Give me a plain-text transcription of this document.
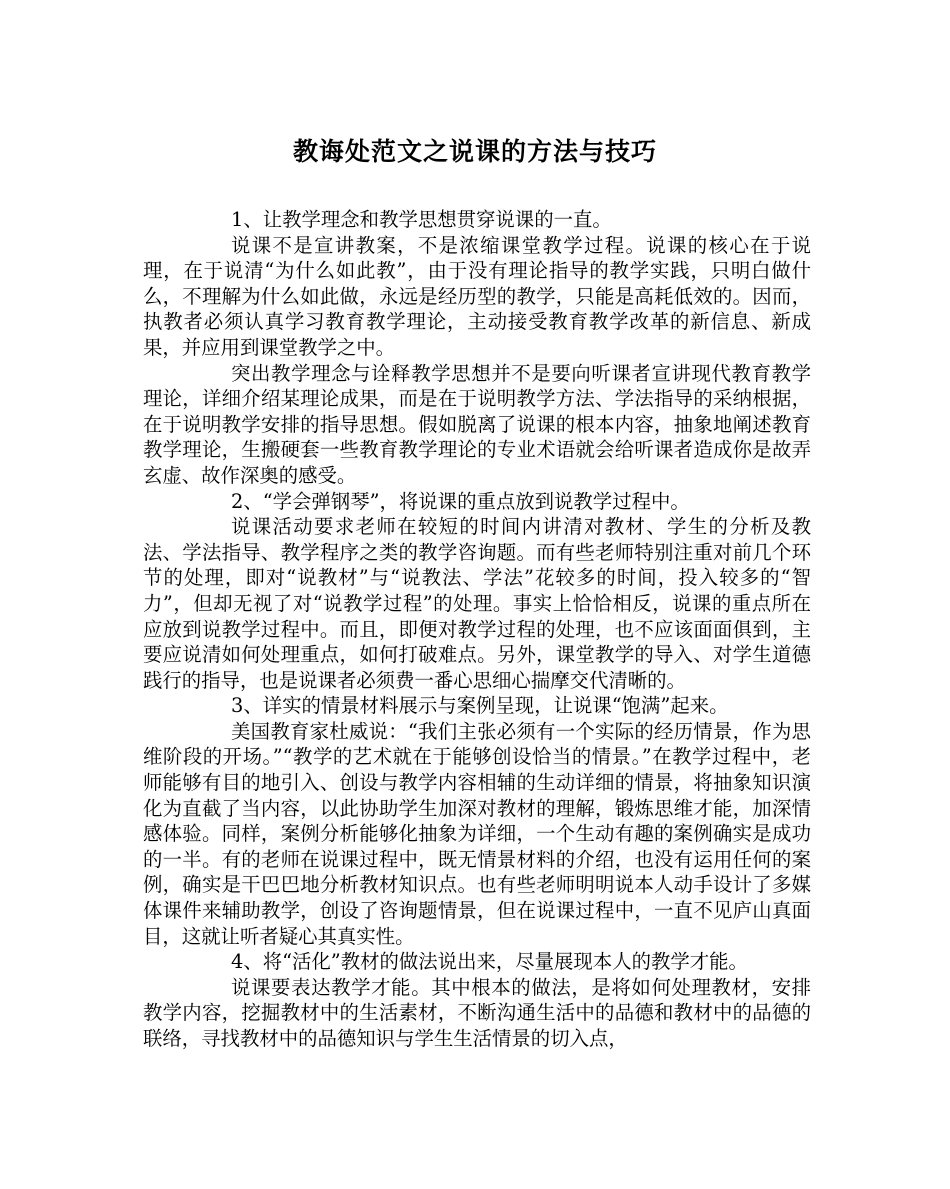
教诲处范文之说课的方法与技巧

1、让教学理念和教学思想贯穿说课的一直。

说课不是宣讲教案，不是浓缩课堂教学过程。说课的核心在于说理，在于说清“为什么如此教”，由于没有理论指导的教学实践，只明白做什么，不理解为什么如此做，永远是经历型的教学，只能是高耗低效的。因而，执教者必须认真学习教育教学理论，主动接受教育教学改革的新信息、新成果，并应用到课堂教学之中。

突出教学理念与诠释教学思想并不是要向听课者宣讲现代教育教学理论，详细介绍某理论成果，而是在于说明教学方法、学法指导的采纳根据，在于说明教学安排的指导思想。假如脱离了说课的根本内容，抽象地阐述教育教学理论，生搬硬套一些教育教学理论的专业术语就会给听课者造成你是故弄玄虚、故作深奥的感受。

2、“学会弹钢琴”，将说课的重点放到说教学过程中。

说课活动要求老师在较短的时间内讲清对教材、学生的分析及教法、学法指导、教学程序之类的教学咨询题。而有些老师特别注重对前几个环节的处理，即对“说教材”与“说教法、学法”花较多的时间，投入较多的“智力”，但却无视了对“说教学过程”的处理。事实上恰恰相反，说课的重点所在应放到说教学过程中。而且，即便对教学过程的处理，也不应该面面俱到，主要应说清如何处理重点，如何打破难点。另外，课堂教学的导入、对学生道德践行的指导，也是说课者必须费一番心思细心揣摩交代清晰的。

3、详实的情景材料展示与案例呈现，让说课“饱满”起来。

美国教育家杜威说：“我们主张必须有一个实际的经历情景，作为思维阶段的开场。”“教学的艺术就在于能够创设恰当的情景。”在教学过程中，老师能够有目的地引入、创设与教学内容相辅的生动详细的情景，将抽象知识演化为直截了当内容，以此协助学生加深对教材的理解，锻炼思维才能，加深情感体验。同样，案例分析能够化抽象为详细，一个生动有趣的案例确实是成功的一半。有的老师在说课过程中，既无情景材料的介绍，也没有运用任何的案例，确实是干巴巴地分析教材知识点。也有些老师明明说本人动手设计了多媒体课件来辅助教学，创设了咨询题情景，但在说课过程中，一直不见庐山真面目，这就让听者疑心其真实性。

4、将“活化”教材的做法说出来，尽量展现本人的教学才能。

说课要表达教学才能。其中根本的做法，是将如何处理教材，安排教学内容，挖掘教材中的生活素材，不断沟通生活中的品德和教材中的品德的联络，寻找教材中的品德知识与学生生活情景的切入点，
